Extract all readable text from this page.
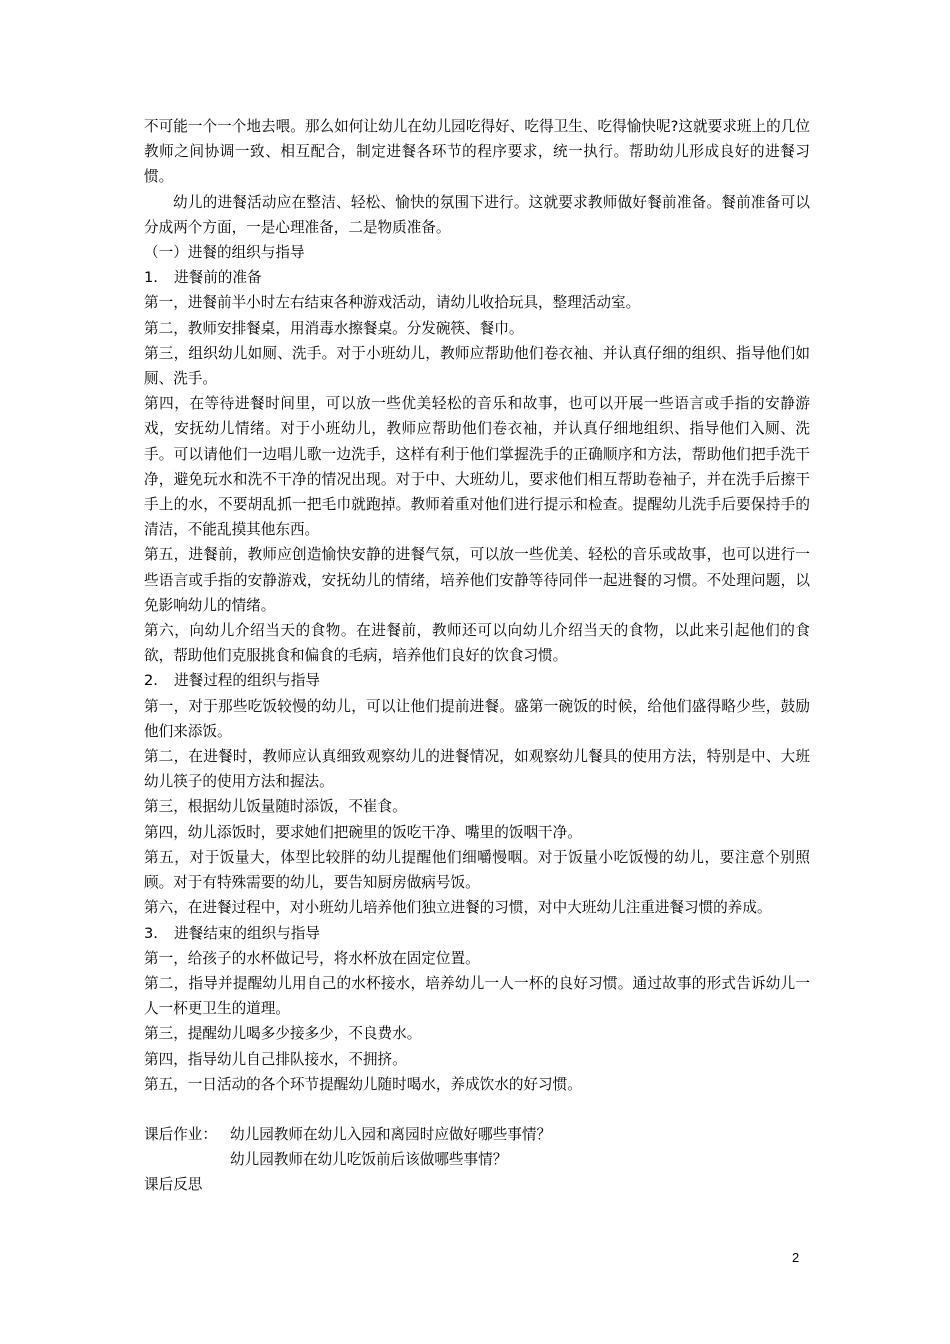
不可能一个一个地去喂。那么如何让幼儿在幼儿园吃得好、吃得卫生、吃得愉快呢?这就要求班上的几位教师之间协调一致、相互配合，制定进餐各环节的程序要求，统一执行。帮助幼儿形成良好的进餐习惯。

幼儿的进餐活动应在整洁、轻松、愉快的氛围下进行。这就要求教师做好餐前准备。餐前准备可以分成两个方面，一是心理准备，二是物质准备。

（一）进餐的组织与指导

1. 进餐前的准备

第一，进餐前半小时左右结束各种游戏活动，请幼儿收拾玩具，整理活动室。

第二，教师安排餐桌，用消毒水擦餐桌。分发碗筷、餐巾。

第三，组织幼儿如厕、洗手。对于小班幼儿，教师应帮助他们卷衣袖、并认真仔细的组织、指导他们如厕、洗手。

第四，在等待进餐时间里，可以放一些优美轻松的音乐和故事，也可以开展一些语言或手指的安静游戏，安抚幼儿情绪。对于小班幼儿，教师应帮助他们卷衣袖，并认真仔细地组织、指导他们入厕、洗手。可以请他们一边唱儿歌一边洗手，这样有利于他们掌握洗手的正确顺序和方法，帮助他们把手洗干净，避免玩水和洗不干净的情况出现。对于中、大班幼儿，要求他们相互帮助卷袖子，并在洗手后擦干手上的水，不要胡乱抓一把毛巾就跑掉。教师着重对他们进行提示和检查。提醒幼儿洗手后要保持手的清洁，不能乱摸其他东西。

第五，进餐前，教师应创造愉快安静的进餐气氛，可以放一些优美、轻松的音乐或故事，也可以进行一些语言或手指的安静游戏，安抚幼儿的情绪，培养他们安静等待同伴一起进餐的习惯。不处理问题，以免影响幼儿的情绪。

第六，向幼儿介绍当天的食物。在进餐前，教师还可以向幼儿介绍当天的食物，以此来引起他们的食欲，帮助他们克服挑食和偏食的毛病，培养他们良好的饮食习惯。

2. 进餐过程的组织与指导

第一，对于那些吃饭较慢的幼儿，可以让他们提前进餐。盛第一碗饭的时候，给他们盛得略少些，鼓励他们来添饭。

第二，在进餐时，教师应认真细致观察幼儿的进餐情况，如观察幼儿餐具的使用方法，特别是中、大班幼儿筷子的使用方法和握法。

第三，根据幼儿饭量随时添饭，不崔食。

第四，幼儿添饭时，要求她们把碗里的饭吃干净、嘴里的饭咽干净。

第五，对于饭量大，体型比较胖的幼儿提醒他们细嚼慢咽。对于饭量小吃饭慢的幼儿，要注意个别照顾。对于有特殊需要的幼儿，要告知厨房做病号饭。

第六，在进餐过程中，对小班幼儿培养他们独立进餐的习惯，对中大班幼儿注重进餐习惯的养成。

3. 进餐结束的组织与指导

第一，给孩子的水杯做记号，将水杯放在固定位置。

第二，指导并提醒幼儿用自己的水杯接水，培养幼儿一人一杯的良好习惯。通过故事的形式告诉幼儿一人一杯更卫生的道理。

第三，提醒幼儿喝多少接多少，不良费水。

第四，指导幼儿自己排队接水，不拥挤。

第五，一日活动的各个环节提醒幼儿随时喝水，养成饮水的好习惯。

课后作业： 幼儿园教师在幼儿入园和离园时应做好哪些事情？

幼儿园教师在幼儿吃饭前后该做哪些事情？

课后反思

2
